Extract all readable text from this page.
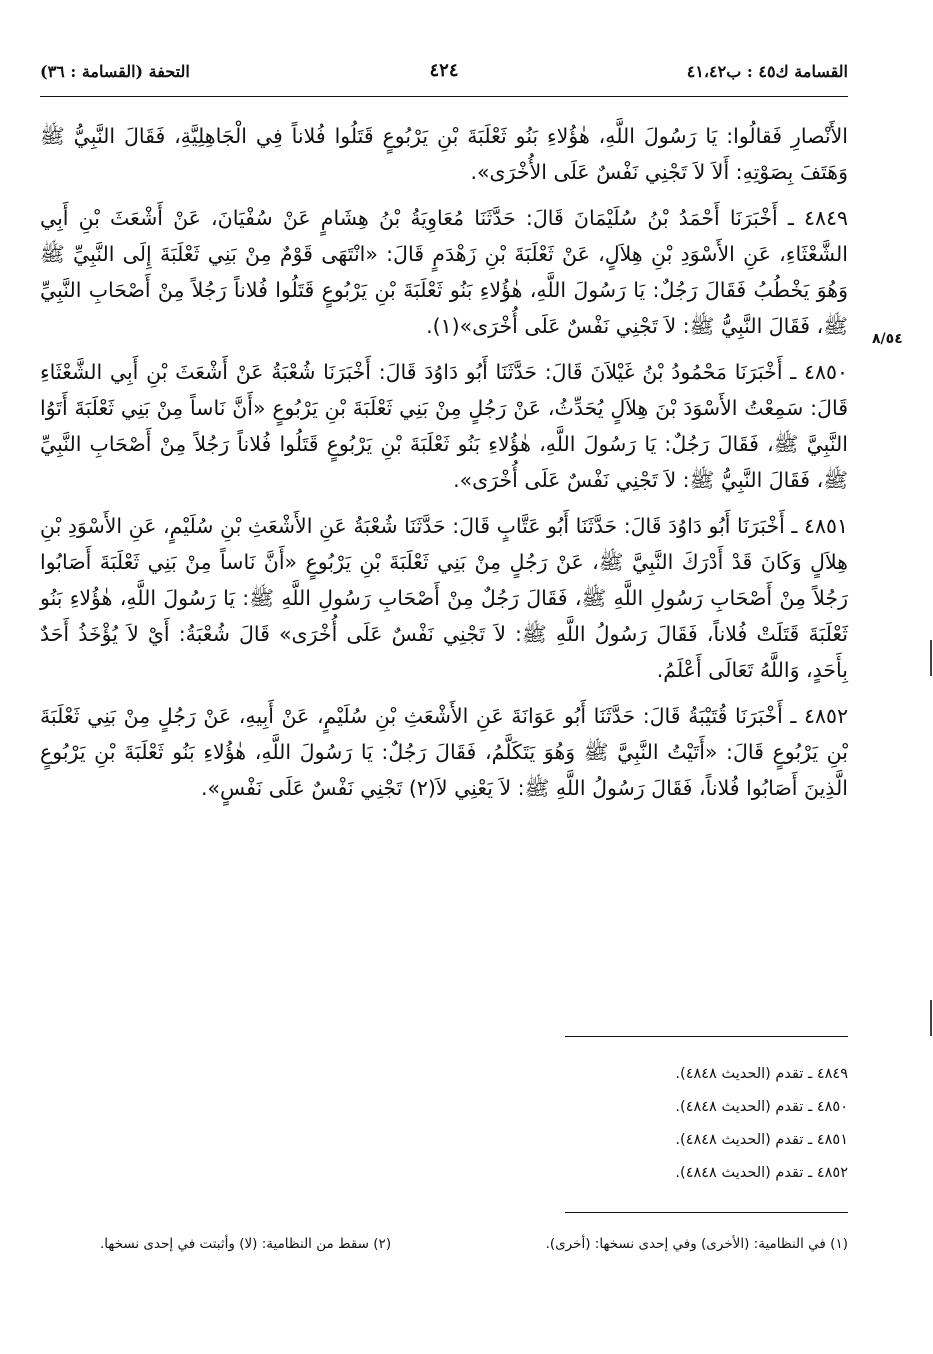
القسامة ك٤٥ : ب٤١،٤٢
٤٢٤
التحفة (القسامة : ٣٦)

الأَنْصارِ فَقالُوا: يَا رَسُولَ اللَّهِ، هٰؤُلاءِ بَنُو ثَعْلَبَةَ بْنِ يَرْبُوعٍ قَتَلُوا فُلاناً فِي الْجَاهِلِيَّةِ، فَقَالَ النَّبِيُّ ﷺ وَهَتَفَ بِصَوْتِهِ: أَلاَ لاَ تَجْنِي نَفْسٌ عَلَى الأُخْرَى».

٤٨٤٩ ـ أَخْبَرَنَا أَحْمَدُ بْنُ سُلَيْمَانَ قَالَ: حَدَّثَنَا مُعَاوِيَةُ بْنُ هِشَامٍ عَنْ سُفْيَانَ، عَنْ أَشْعَثَ بْنِ أَبِي الشَّعْثَاءِ، عَنِ الأَسْوَدِ بْنِ هِلاَلٍ، عَنْ ثَعْلَبَةَ بْنِ زَهْدَمٍ قَالَ: «انْتَهَى قَوْمٌ مِنْ بَنِي ثَعْلَبَةَ إِلَى النَّبِيِّ ﷺ وَهُوَ يَخْطُبُ فَقَالَ رَجُلٌ: يَا رَسُولَ اللَّهِ، هٰؤُلاءِ بَنُو ثَعْلَبَةَ بْنِ يَرْبُوعٍ قَتَلُوا فُلاناً رَجُلاً مِنْ أَصْحَابِ النَّبِيِّ ﷺ، فَقَالَ النَّبِيُّ ﷺ: لاَ تَجْنِي نَفْسٌ عَلَى أُخْرَى»(١).

٤٨٥٠ ـ أَخْبَرَنَا مَحْمُودُ بْنُ غَيْلاَنَ قَالَ: حَدَّثَنَا أَبُو دَاوُدَ قَالَ: أَخْبَرَنَا شُعْبَةُ عَنْ أَشْعَثَ بْنِ أَبِي الشَّعْثَاءِ قَالَ: سَمِعْتُ الأَسْوَدَ بْنَ هِلاَلٍ يُحَدِّثُ، عَنْ رَجُلٍ مِنْ بَنِي ثَعْلَبَةَ بْنِ يَرْبُوعٍ «أَنَّ نَاساً مِنْ بَنِي ثَعْلَبَةَ أَتَوُا النَّبِيَّ ﷺ، فَقَالَ رَجُلٌ: يَا رَسُولَ اللَّهِ، هٰؤُلاءِ بَنُو ثَعْلَبَةَ بْنِ يَرْبُوعٍ قَتَلُوا فُلاناً رَجُلاً مِنْ أَصْحَابِ النَّبِيِّ ﷺ، فَقَالَ النَّبِيُّ ﷺ: لاَ تَجْنِي نَفْسٌ عَلَى أُخْرَى».

٤٨٥١ ـ أَخْبَرَنَا أَبُو دَاوُدَ قَالَ: حَدَّثَنَا أَبُو عَتَّابٍ قَالَ: حَدَّثَنَا شُعْبَةُ عَنِ الأَشْعَثِ بْنِ سُلَيْمٍ، عَنِ الأَسْوَدِ بْنِ هِلاَلٍ وَكَانَ قَدْ أَدْرَكَ النَّبِيَّ ﷺ، عَنْ رَجُلٍ مِنْ بَنِي ثَعْلَبَةَ بْنِ يَرْبُوعٍ «أَنَّ نَاساً مِنْ بَنِي ثَعْلَبَةَ أَصَابُوا رَجُلاً مِنْ أَصْحَابِ رَسُولِ اللَّهِ ﷺ، فَقَالَ رَجُلٌ مِنْ أَصْحَابِ رَسُولِ اللَّهِ ﷺ: يَا رَسُولَ اللَّهِ، هٰؤُلاءِ بَنُو ثَعْلَبَةَ قَتَلَتْ فُلاناً، فَقَالَ رَسُولُ اللَّهِ ﷺ: لاَ تَجْنِي نَفْسٌ عَلَى أُخْرَى» قَالَ شُعْبَةُ: أَيْ لاَ يُؤْخَذُ أَحَدٌ بِأَحَدٍ، وَاللَّهُ تَعَالَى أَعْلَمُ.

٤٨٥٢ ـ أَخْبَرَنَا قُتَيْبَةُ قَالَ: حَدَّثَنَا أَبُو عَوَانَةَ عَنِ الأَشْعَثِ بْنِ سُلَيْمٍ، عَنْ أَبِيهِ، عَنْ رَجُلٍ مِنْ بَنِي ثَعْلَبَةَ بْنِ يَرْبُوعٍ قَالَ: «أَتَيْتُ النَّبِيَّ ﷺ وَهُوَ يَتَكَلَّمُ، فَقَالَ رَجُلٌ: يَا رَسُولَ اللَّهِ، هٰؤُلاءِ بَنُو ثَعْلَبَةَ بْنِ يَرْبُوعٍ الَّذِينَ أَصَابُوا فُلاناً، فَقَالَ رَسُولُ اللَّهِ ﷺ: لاَ يَعْنِي لاَ(٢) تَجْنِي نَفْسٌ عَلَى نَفْسٍ».

٨/٥٤
٤٨٤٩ ـ تقدم (الحديث ٤٨٤٨).
٤٨٥٠ ـ تقدم (الحديث ٤٨٤٨).
٤٨٥١ ـ تقدم (الحديث ٤٨٤٨).
٤٨٥٢ ـ تقدم (الحديث ٤٨٤٨).
(١) في النظامية: (الأخرى) وفي إحدى نسخها: (أخرى).
(٢) سقط من النظامية: (لا) وأثبتت في إحدى نسخها.
